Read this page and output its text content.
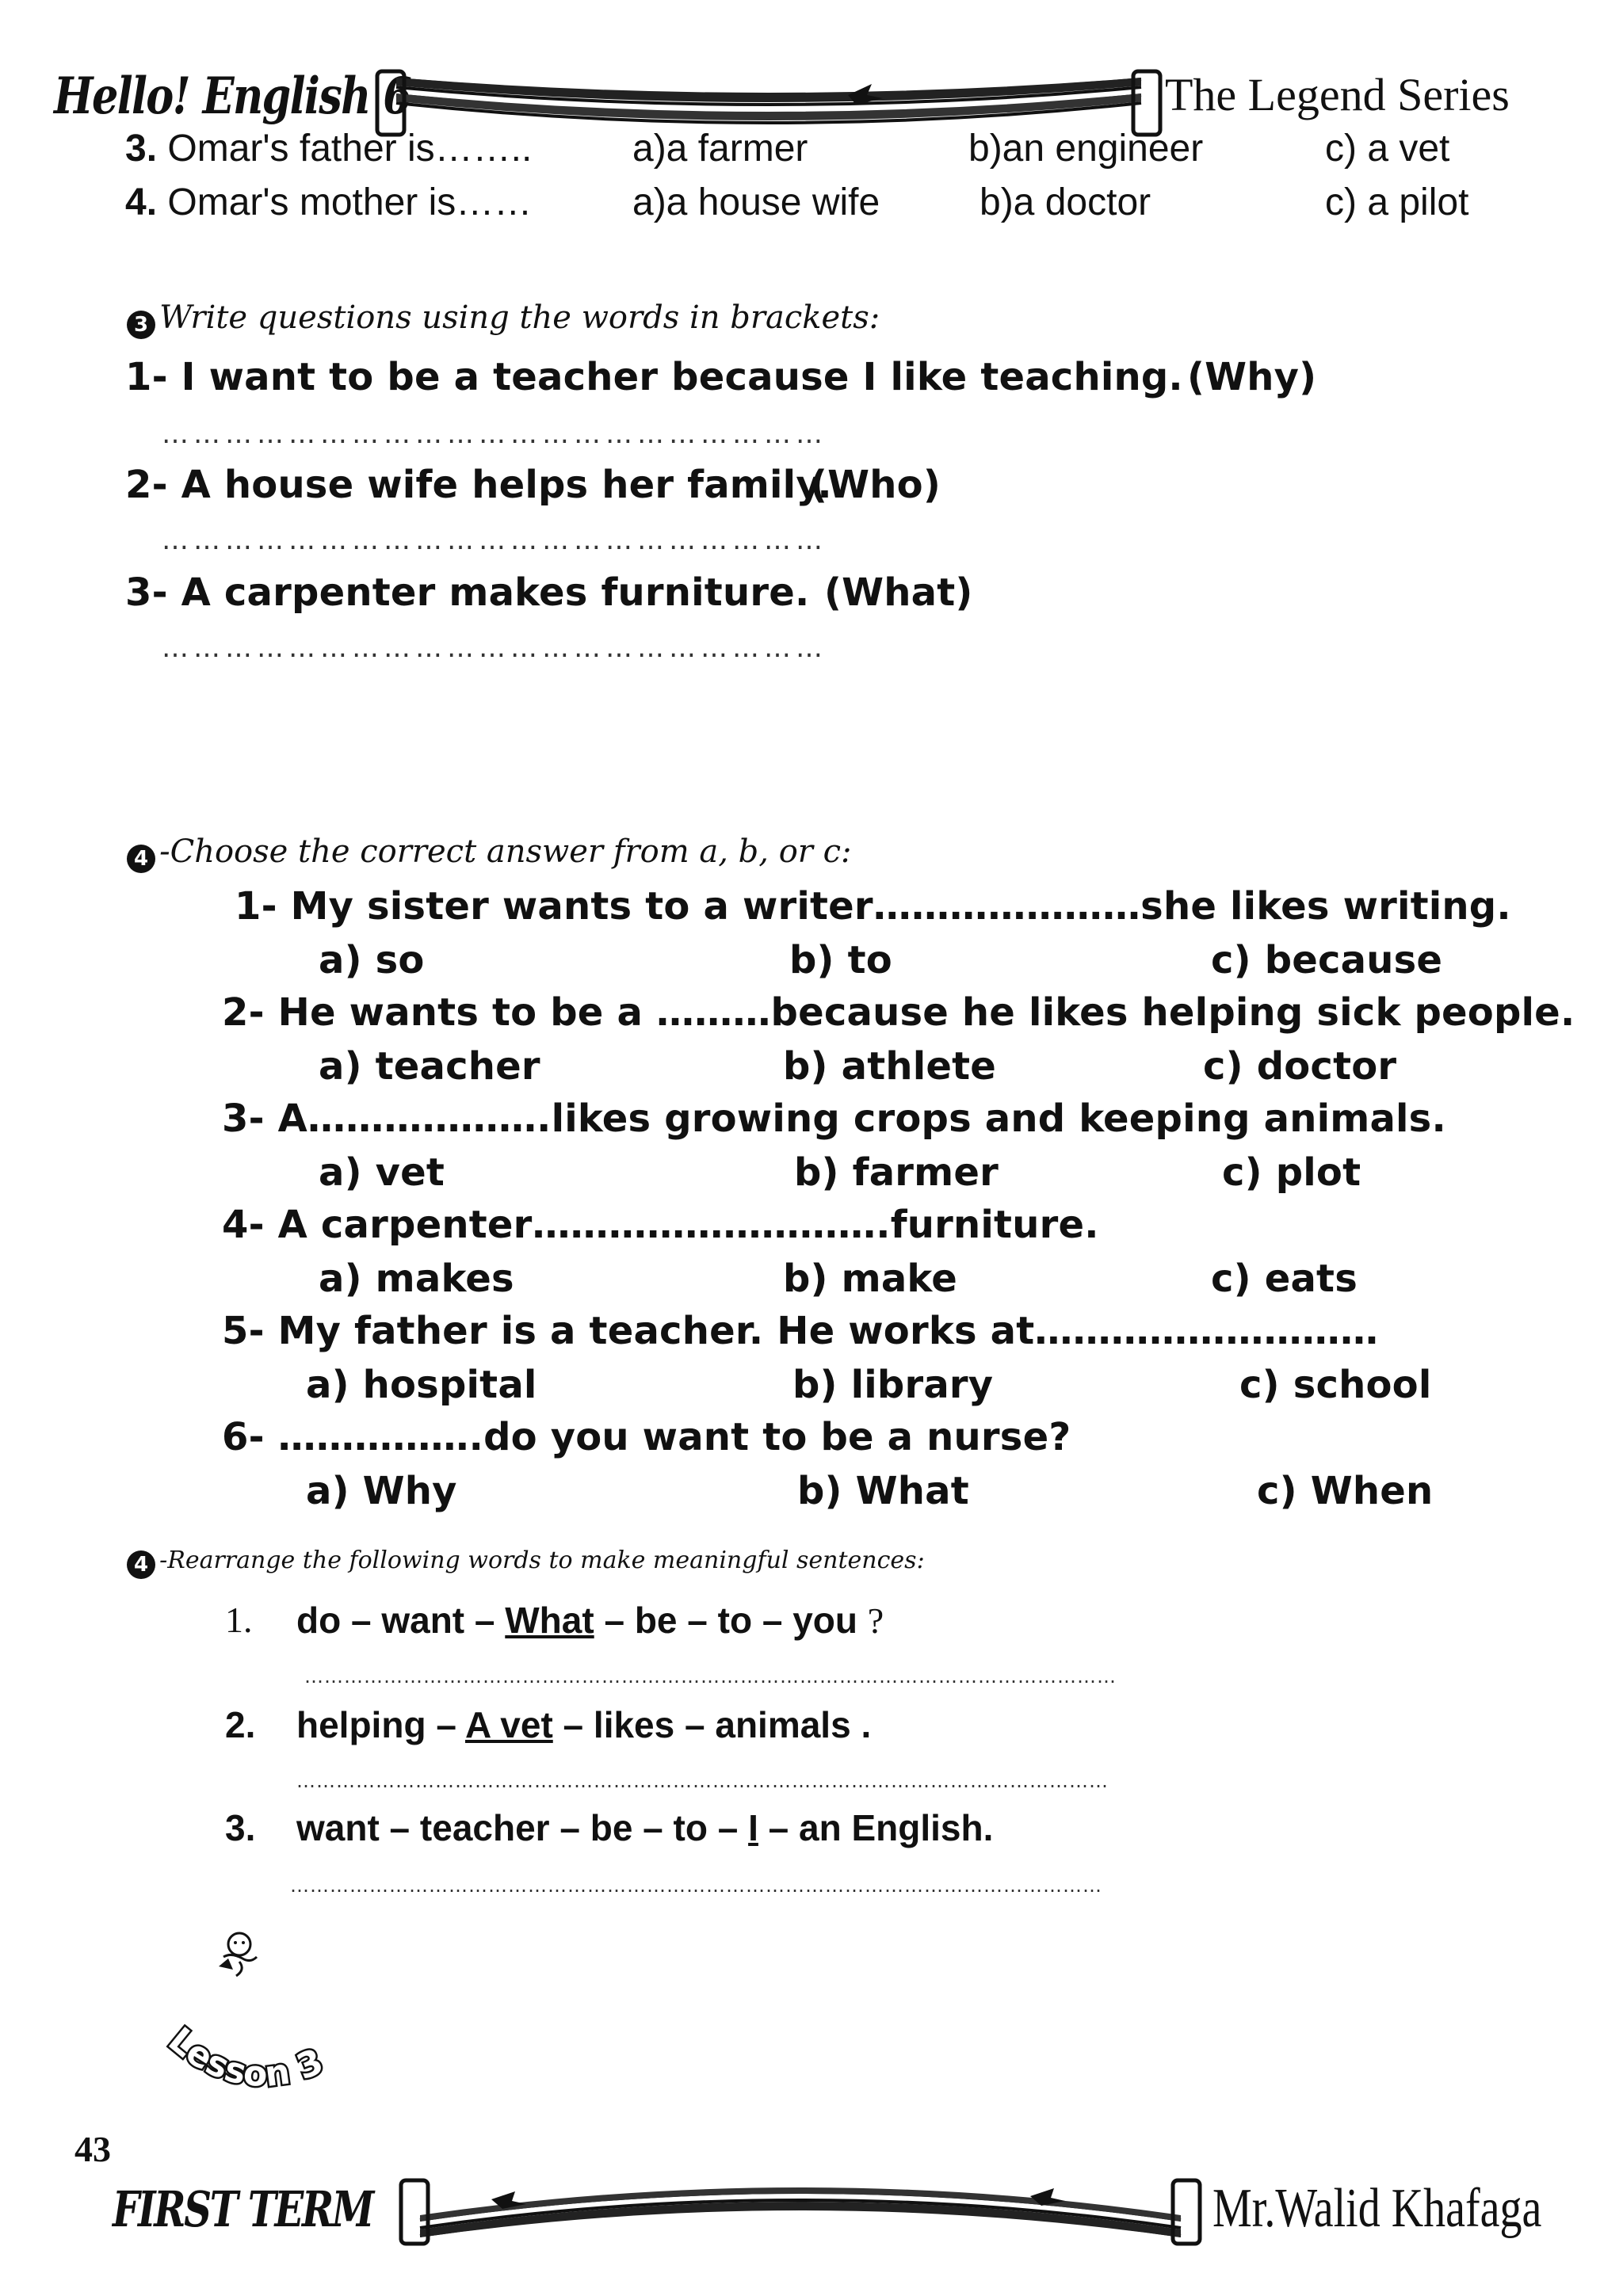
Hello! English 6	The Legend Series
3. Omar's father is……..	a)a farmer	b)an engineer	c) a vet
4. Omar's mother is……	a)a house wife	b)a doctor	c) a pilot
3 Write questions using the words in brackets:
1- I want to be a teacher because I like teaching. (Why)
………………………………………………………
2- A house wife helps her family.
(Who)
………………………………………………………
3- A carpenter makes furniture. (What)
………………………………………………………
4 -Choose the correct answer from a, b, or c:
1- My sister wants to a writer…………………she likes writing.
a) so	b) to	c) because
2- He wants to be a ………because he likes helping sick people.
a) teacher	b) athlete	c) doctor
3- A……………….likes growing crops and keeping animals.
a) vet	b) farmer	c) plot
4- A carpenter……………………….furniture.
a) makes	b) make	c) eats
5- My father is a teacher. He works at………………………
a) hospital	b) library	c) school
6- …………….do you want to be a nurse?
a) Why	b) What	c) When
4 -Rearrange the following words to make meaningful sentences:
1. do – want – What – be – to – you ?
……………………………………………………………………………………………………………
2. helping – A vet – likes – animals .
……………………………………………………………………………………………………………
3. want – teacher – be – to – I – an English.
……………………………………………………………………………………………………………
Lesson 3
43
FIRST TERM	Mr.Walid Khafaga
